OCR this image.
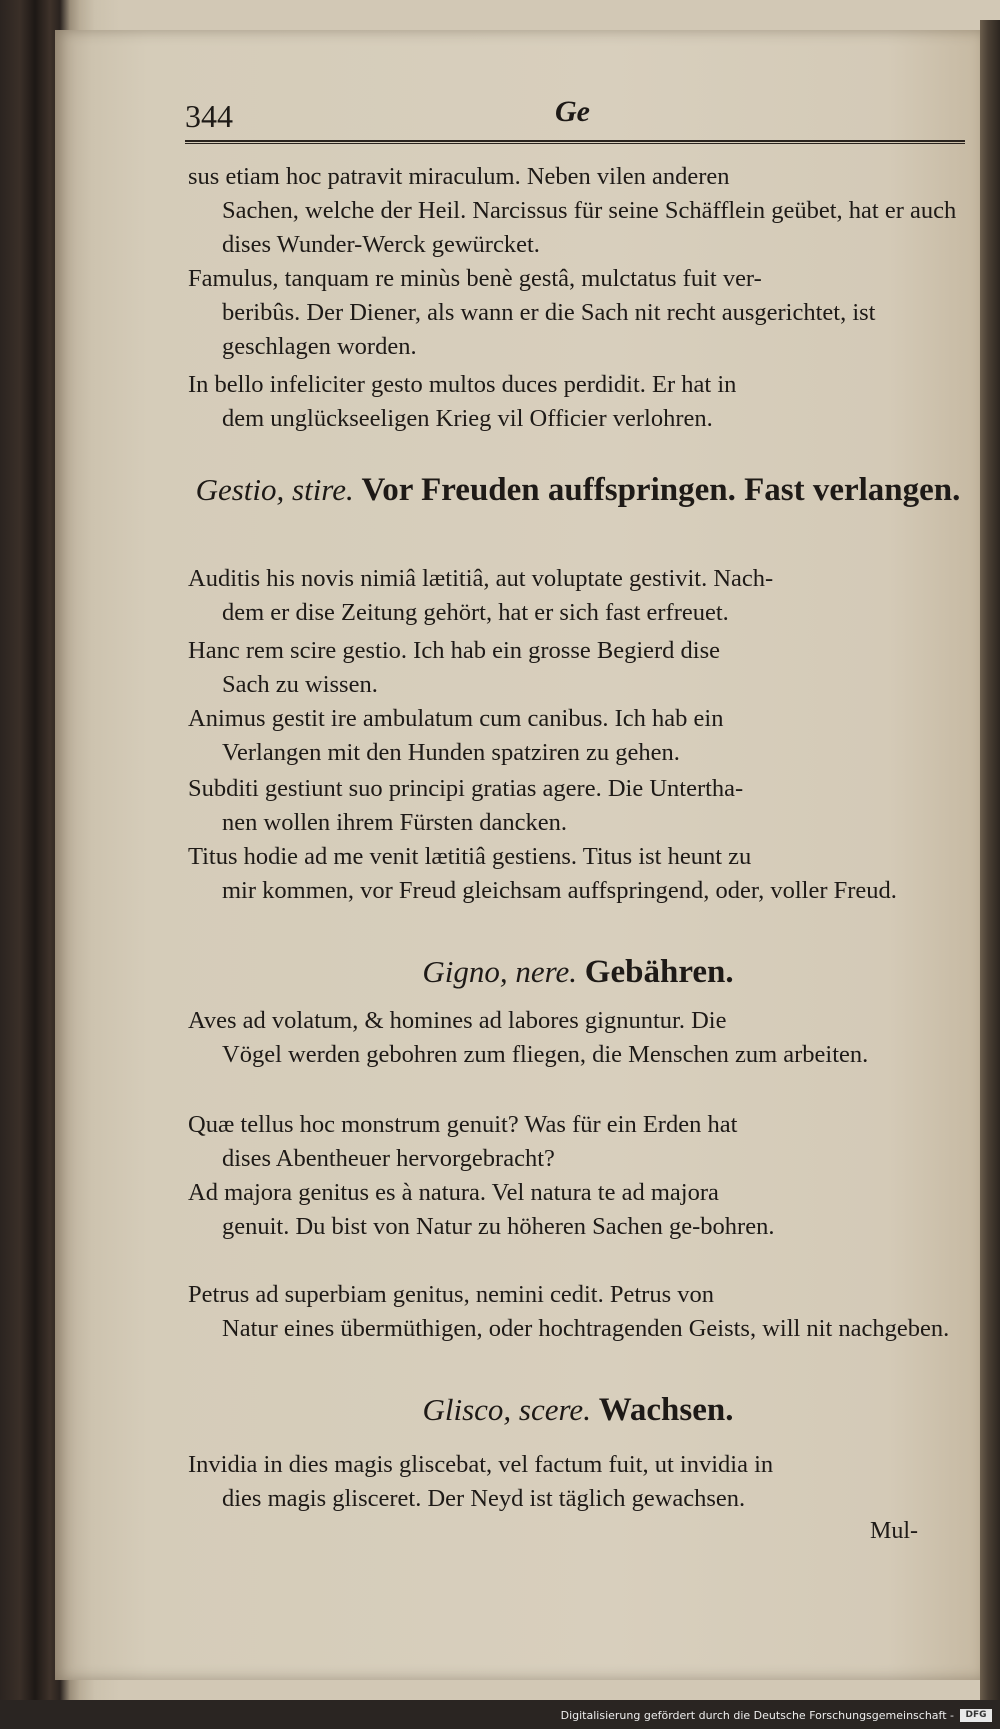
344	Ge
sus etiam hoc patravit miraculum. Neben vilen anderen
Sachen, welche der Heil. Narcissus für seine Schäfflein geübet, hat er auch dises Wunder-Werck gewürcket.
Famulus, tanquam re minùs benè gestâ, mulctatus fuit ver-
beribûs. Der Diener, als wann er die Sach nit recht ausgerichtet, ist geschlagen worden.
In bello infeliciter gesto multos duces perdidit. Er hat in
dem unglückseeligen Krieg vil Officier verlohren.
Gestio, stire. Vor Freuden auffspringen. Fast verlangen.
Auditis his novis nimiâ lætitiâ, aut voluptate gestivit. Nach-
dem er dise Zeitung gehört, hat er sich fast erfreuet.
Hanc rem scire gestio. Ich hab ein grosse Begierd dise
Sach zu wissen.
Animus gestit ire ambulatum cum canibus. Ich hab ein
Verlangen mit den Hunden spatziren zu gehen.
Subditi gestiunt suo principi gratias agere. Die Untertha-
nen wollen ihrem Fürsten dancken.
Titus hodie ad me venit lætitiâ gestiens. Titus ist heunt zu
mir kommen, vor Freud gleichsam auffspringend, oder, voller Freud.
Gigno, nere. Gebähren.
Aves ad volatum, & homines ad labores gignuntur. Die
Vögel werden gebohren zum fliegen, die Menschen zum arbeiten.
Quæ tellus hoc monstrum genuit? Was für ein Erden hat
dises Abentheuer hervorgebracht?
Ad majora genitus es à natura. Vel natura te ad majora
genuit. Du bist von Natur zu höheren Sachen ge-bohren.
Petrus ad superbiam genitus, nemini cedit. Petrus von
Natur eines übermüthigen, oder hochtragenden Geists, will nit nachgeben.
Glisco, scere. Wachsen.
Invidia in dies magis gliscebat, vel factum fuit, ut invidia in
dies magis glisceret. Der Neyd ist täglich gewachsen.
Mul-
Digitalisierung gefördert durch die Deutsche Forschungsgemeinschaft -	DFG
